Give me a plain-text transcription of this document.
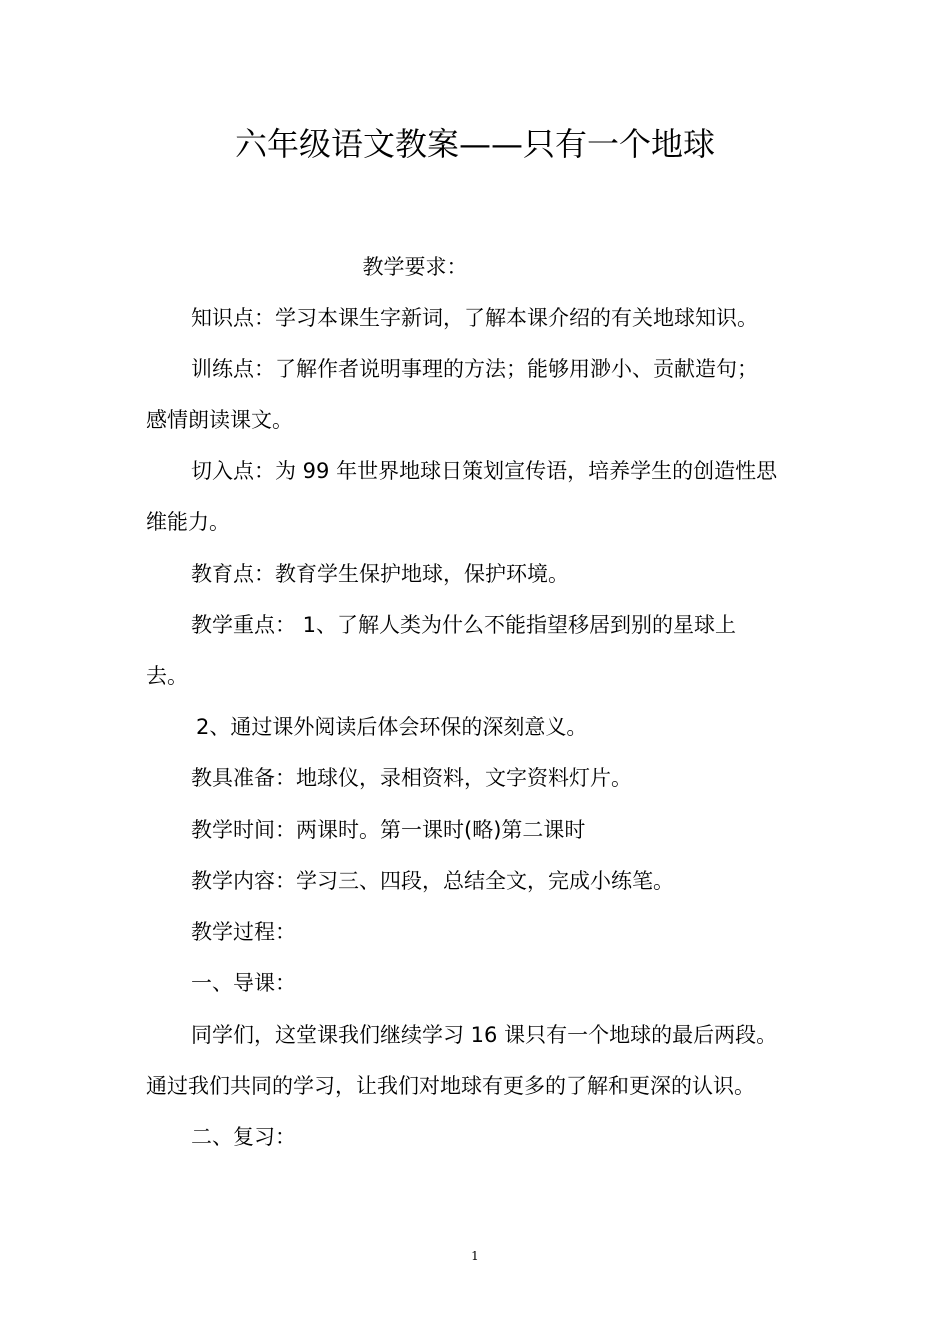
六年级语文教案——只有一个地球
教学要求：
知识点：学习本课生字新词，了解本课介绍的有关地球知识。
训练点：了解作者说明事理的方法；能够用渺小、贡献造句；
感情朗读课文。
切入点：为 99 年世界地球日策划宣传语，培养学生的创造性思
维能力。
教育点：教育学生保护地球，保护环境。
教学重点： 1、了解人类为什么不能指望移居到别的星球上
去。
2、通过课外阅读后体会环保的深刻意义。
教具准备：地球仪，录相资料，文字资料灯片。
教学时间：两课时。第一课时(略)第二课时
教学内容：学习三、四段，总结全文，完成小练笔。
教学过程：
一、导课：
同学们，这堂课我们继续学习 16 课只有一个地球的最后两段。
通过我们共同的学习，让我们对地球有更多的了解和更深的认识。
二、复习：
1
